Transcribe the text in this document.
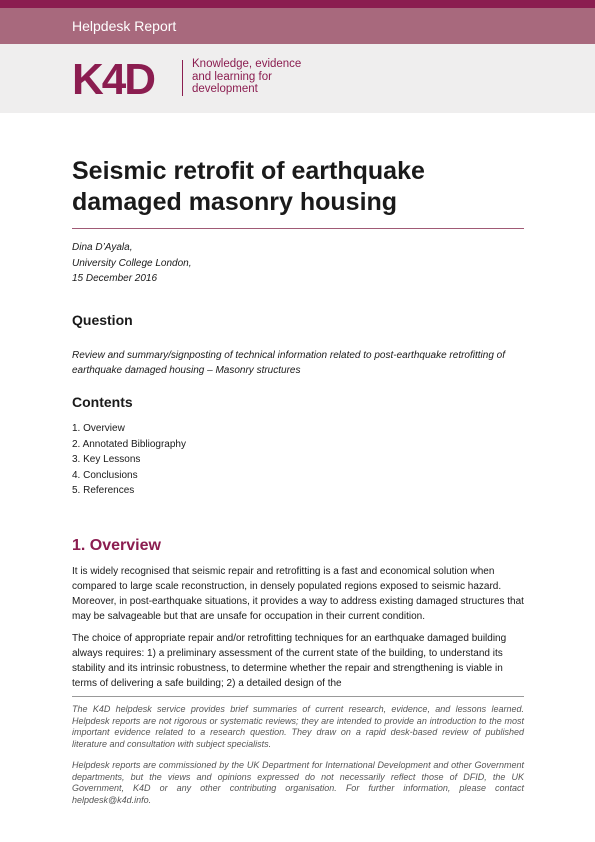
Helpdesk Report
K4D	Knowledge, evidence
and learning for
development
Seismic retrofit of earthquake damaged masonry housing
Dina D’Ayala,
University College London,
15 December 2016
Question

Review and summary/signposting of technical information related to post-earthquake retrofitting of earthquake damaged housing – Masonry structures

Contents
1. Overview
2. Annotated Bibliography
3. Key Lessons
4. Conclusions
5. References
1. Overview

It is widely recognised that seismic repair and retrofitting is a fast and economical solution when compared to large scale reconstruction, in densely populated regions exposed to seismic hazard. Moreover, in post-earthquake situations, it provides a way to address existing damaged structures that may be salvageable but that are unsafe for occupation in their current condition.

The choice of appropriate repair and/or retrofitting techniques for an earthquake damaged building always requires: 1) a preliminary assessment of the current state of the building, to understand its stability and its intrinsic robustness, to determine whether the repair and strengthening is viable in terms of delivering a safe building; 2) a detailed design of the

The K4D helpdesk service provides brief summaries of current research, evidence, and lessons learned. Helpdesk reports are not rigorous or systematic reviews; they are intended to provide an introduction to the most important evidence related to a research question. They draw on a rapid desk-based review of published literature and consultation with subject specialists.

Helpdesk reports are commissioned by the UK Department for International Development and other Government departments, but the views and opinions expressed do not necessarily reflect those of DFID, the UK Government, K4D or any other contributing organisation. For further information, please contact helpdesk@k4d.info.
